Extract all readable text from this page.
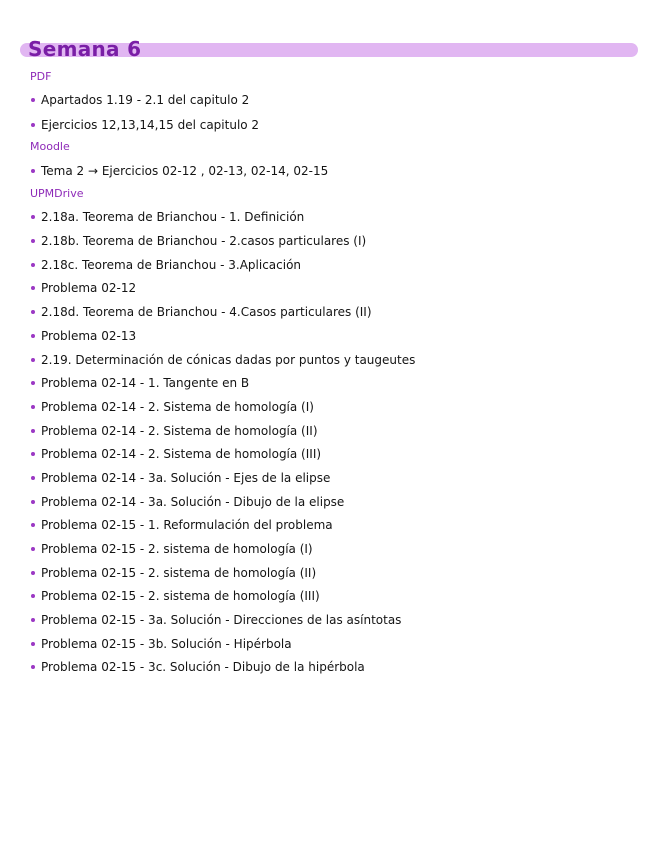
Semana 6
PDF
Apartados 1.19 - 2.1 del capitulo 2
Ejercicios 12,13,14,15 del capitulo 2
Moodle
Tema 2 → Ejercicios 02-12 , 02-13, 02-14, 02-15
UPMDrive
2.18a. Teorema de Brianchou - 1. Definición
2.18b. Teorema de Brianchou - 2.casos particulares (I)
2.18c. Teorema de Brianchou - 3.Aplicación
Problema 02-12
2.18d. Teorema de Brianchou - 4.Casos particulares (II)
Problema 02-13
2.19. Determinación de cónicas dadas por puntos y taugeutes
Problema 02-14 - 1. Tangente en B
Problema 02-14 - 2. Sistema de homología (I)
Problema 02-14 - 2. Sistema de homología (II)
Problema 02-14 - 2. Sistema de homología (III)
Problema 02-14 - 3a. Solución - Ejes de la elipse
Problema 02-14 - 3a. Solución - Dibujo de la elipse
Problema 02-15 - 1. Reformulación del problema
Problema 02-15 - 2. sistema de homología (I)
Problema 02-15 - 2. sistema de homología (II)
Problema 02-15 - 2. sistema de homología (III)
Problema 02-15 - 3a. Solución - Direcciones de las asíntotas
Problema 02-15 - 3b. Solución - Hipérbola
Problema 02-15 - 3c. Solución - Dibujo de la hipérbola
